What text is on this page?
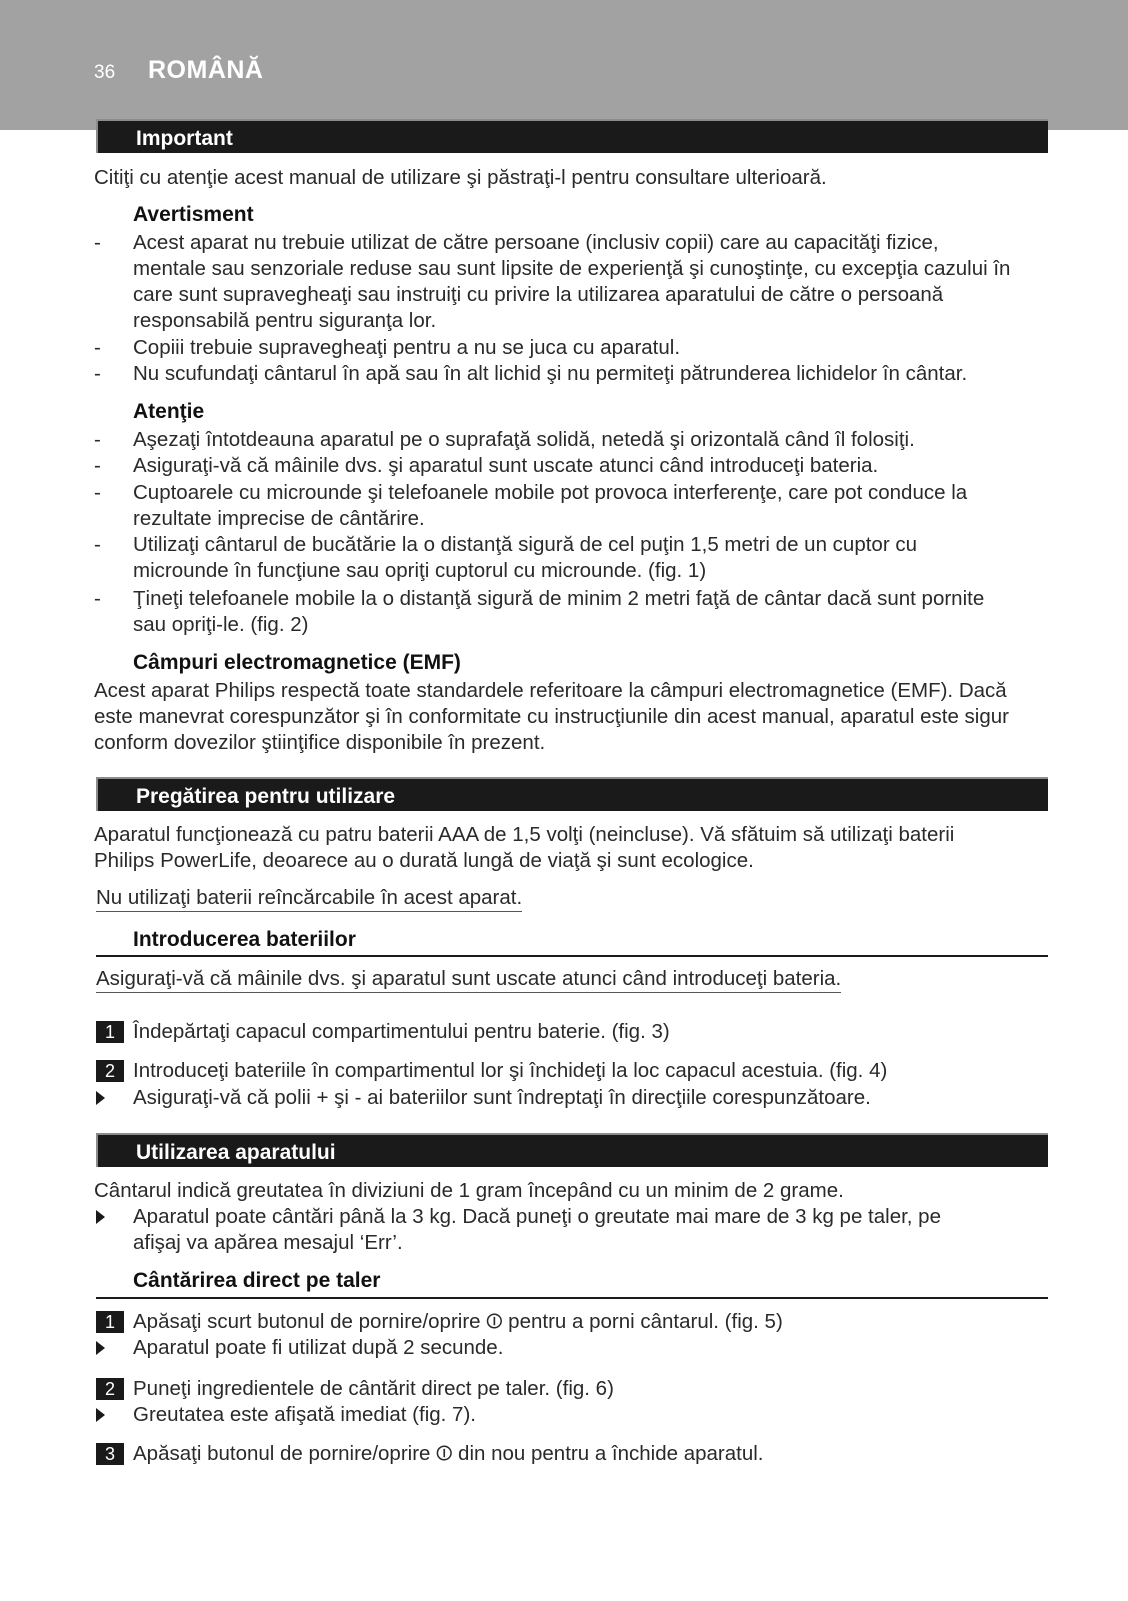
36 ROMÂNĂ
Important
Citiţi cu atenţie acest manual de utilizare şi păstraţi-l pentru consultare ulterioară.
Avertisment
- Acest aparat nu trebuie utilizat de către persoane (inclusiv copii) care au capacităţi fizice,
mentale sau senzoriale reduse sau sunt lipsite de experienţă şi cunoştinţe, cu excepţia cazului în
care sunt supravegheaţi sau instruiţi cu privire la utilizarea aparatului de către o persoană
responsabilă pentru siguranţa lor.
- Copiii trebuie supravegheaţi pentru a nu se juca cu aparatul.
- Nu scufundaţi cântarul în apă sau în alt lichid şi nu permiteţi pătrunderea lichidelor în cântar.
Atenţie
- Aşezaţi întotdeauna aparatul pe o suprafaţă solidă, netedă şi orizontală când îl folosiţi.
- Asiguraţi-vă că mâinile dvs. şi aparatul sunt uscate atunci când introduceţi bateria.
- Cuptoarele cu microunde şi telefoanele mobile pot provoca interferenţe, care pot conduce la
rezultate imprecise de cântărire.
- Utilizaţi cântarul de bucătărie la o distanţă sigură de cel puţin 1,5 metri de un cuptor cu
microunde în funcţiune sau opriţi cuptorul cu microunde. (fig. 1)
- Ţineţi telefoanele mobile la o distanţă sigură de minim 2 metri faţă de cântar dacă sunt pornite
sau opriţi-le. (fig. 2)
Câmpuri electromagnetice (EMF)
Acest aparat Philips respectă toate standardele referitoare la câmpuri electromagnetice (EMF). Dacă
este manevrat corespunzător şi în conformitate cu instrucţiunile din acest manual, aparatul este sigur
conform dovezilor ştiinţifice disponibile în prezent.
Pregătirea pentru utilizare
Aparatul funcţionează cu patru baterii AAA de 1,5 volţi (neincluse). Vă sfătuim să utilizaţi baterii
Philips PowerLife, deoarece au o durată lungă de viaţă şi sunt ecologice.
Nu utilizaţi baterii reîncărcabile în acest aparat.
Introducerea bateriilor
Asiguraţi-vă că mâinile dvs. şi aparatul sunt uscate atunci când introduceţi bateria.
1 Îndepărtaţi capacul compartimentului pentru baterie. (fig. 3)
2 Introduceţi bateriile în compartimentul lor şi închideţi la loc capacul acestuia. (fig. 4)
Asiguraţi-vă că polii + şi - ai bateriilor sunt îndreptaţi în direcţiile corespunzătoare.
Utilizarea aparatului
Cântarul indică greutatea în diviziuni de 1 gram începând cu un minim de 2 grame.
Aparatul poate cântări până la 3 kg. Dacă puneţi o greutate mai mare de 3 kg pe taler, pe
afişaj va apărea mesajul ‘Err’.
Cântărirea direct pe taler
1 Apăsaţi scurt butonul de pornire/oprire ⏼ pentru a porni cântarul. (fig. 5)
Aparatul poate fi utilizat după 2 secunde.
2 Puneţi ingredientele de cântărit direct pe taler. (fig. 6)
Greutatea este afişată imediat (fig. 7).
3 Apăsaţi butonul de pornire/oprire ⏼ din nou pentru a închide aparatul.
